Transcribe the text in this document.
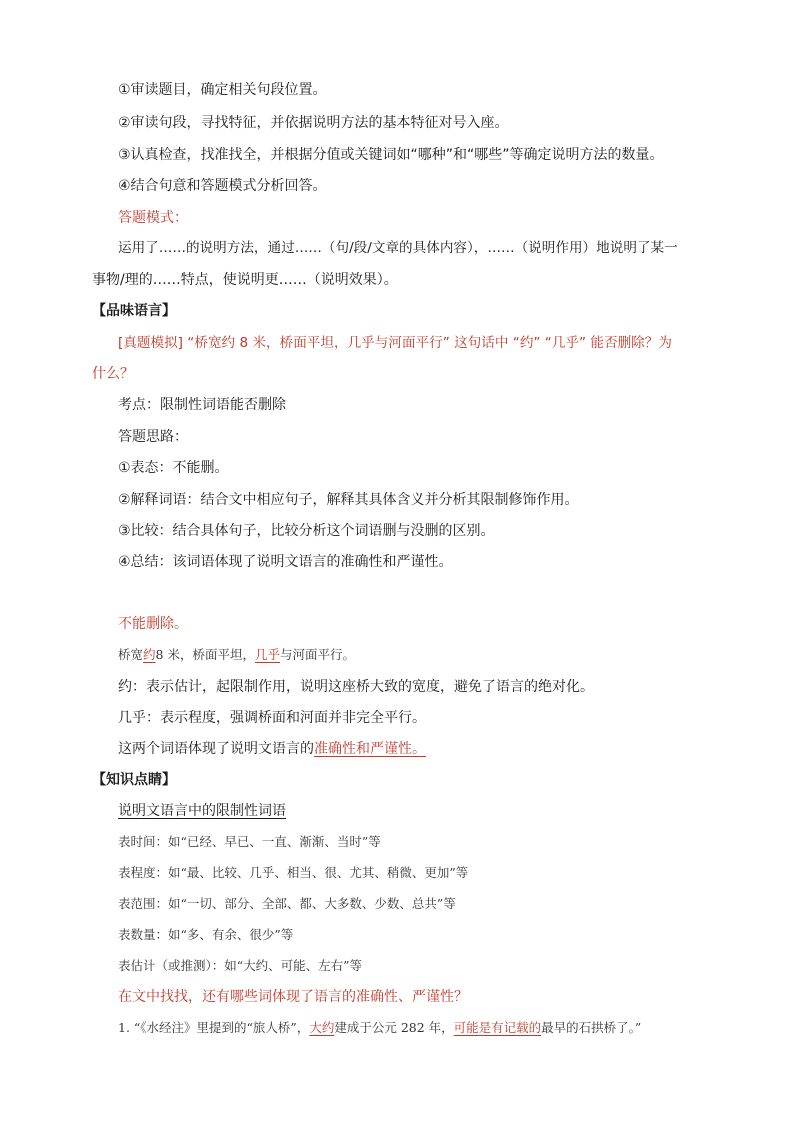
①审读题目，确定相关句段位置。
②审读句段，寻找特征，并依据说明方法的基本特征对号入座。
③认真检查，找准找全，并根据分值或关键词如“哪种”和“哪些”等确定说明方法的数量。
④结合句意和答题模式分析回答。
答题模式：
运用了……的说明方法，通过……（句/段/文章的具体内容），……（说明作用）地说明了某一
事物/理的……特点，使说明更……（说明效果）。
【品味语言】
[真题模拟] “桥宽约 8 米，桥面平坦，几乎与河面平行” 这句话中 “约” “几乎” 能否删除？为
什么？
考点：限制性词语能否删除
答题思路：
①表态：不能删。
②解释词语：结合文中相应句子，解释其具体含义并分析其限制修饰作用。
③比较：结合具体句子，比较分析这个词语删与没删的区别。
④总结：该词语体现了说明文语言的准确性和严谨性。
不能删除。
桥宽约8 米，桥面平坦，几乎与河面平行。
约：表示估计，起限制作用，说明这座桥大致的宽度，避免了语言的绝对化。
几乎：表示程度，强调桥面和河面并非完全平行。
这两个词语体现了说明文语言的准确性和严谨性。
【知识点睛】
说明文语言中的限制性词语
表时间：如“已经、早已、一直、渐渐、当时”等
表程度：如“最、比较、几乎、相当、很、尤其、稍微、更加”等
表范围：如“一切、部分、全部、都、大多数、少数、总共”等
表数量：如“多、有余、很少”等
表估计（或推测）：如“大约、可能、左右”等
在文中找找，还有哪些词体现了语言的准确性、严谨性？
1. “《水经注》里提到的“旅人桥”，大约建成于公元 282 年，可能是有记载的最早的石拱桥了。”
